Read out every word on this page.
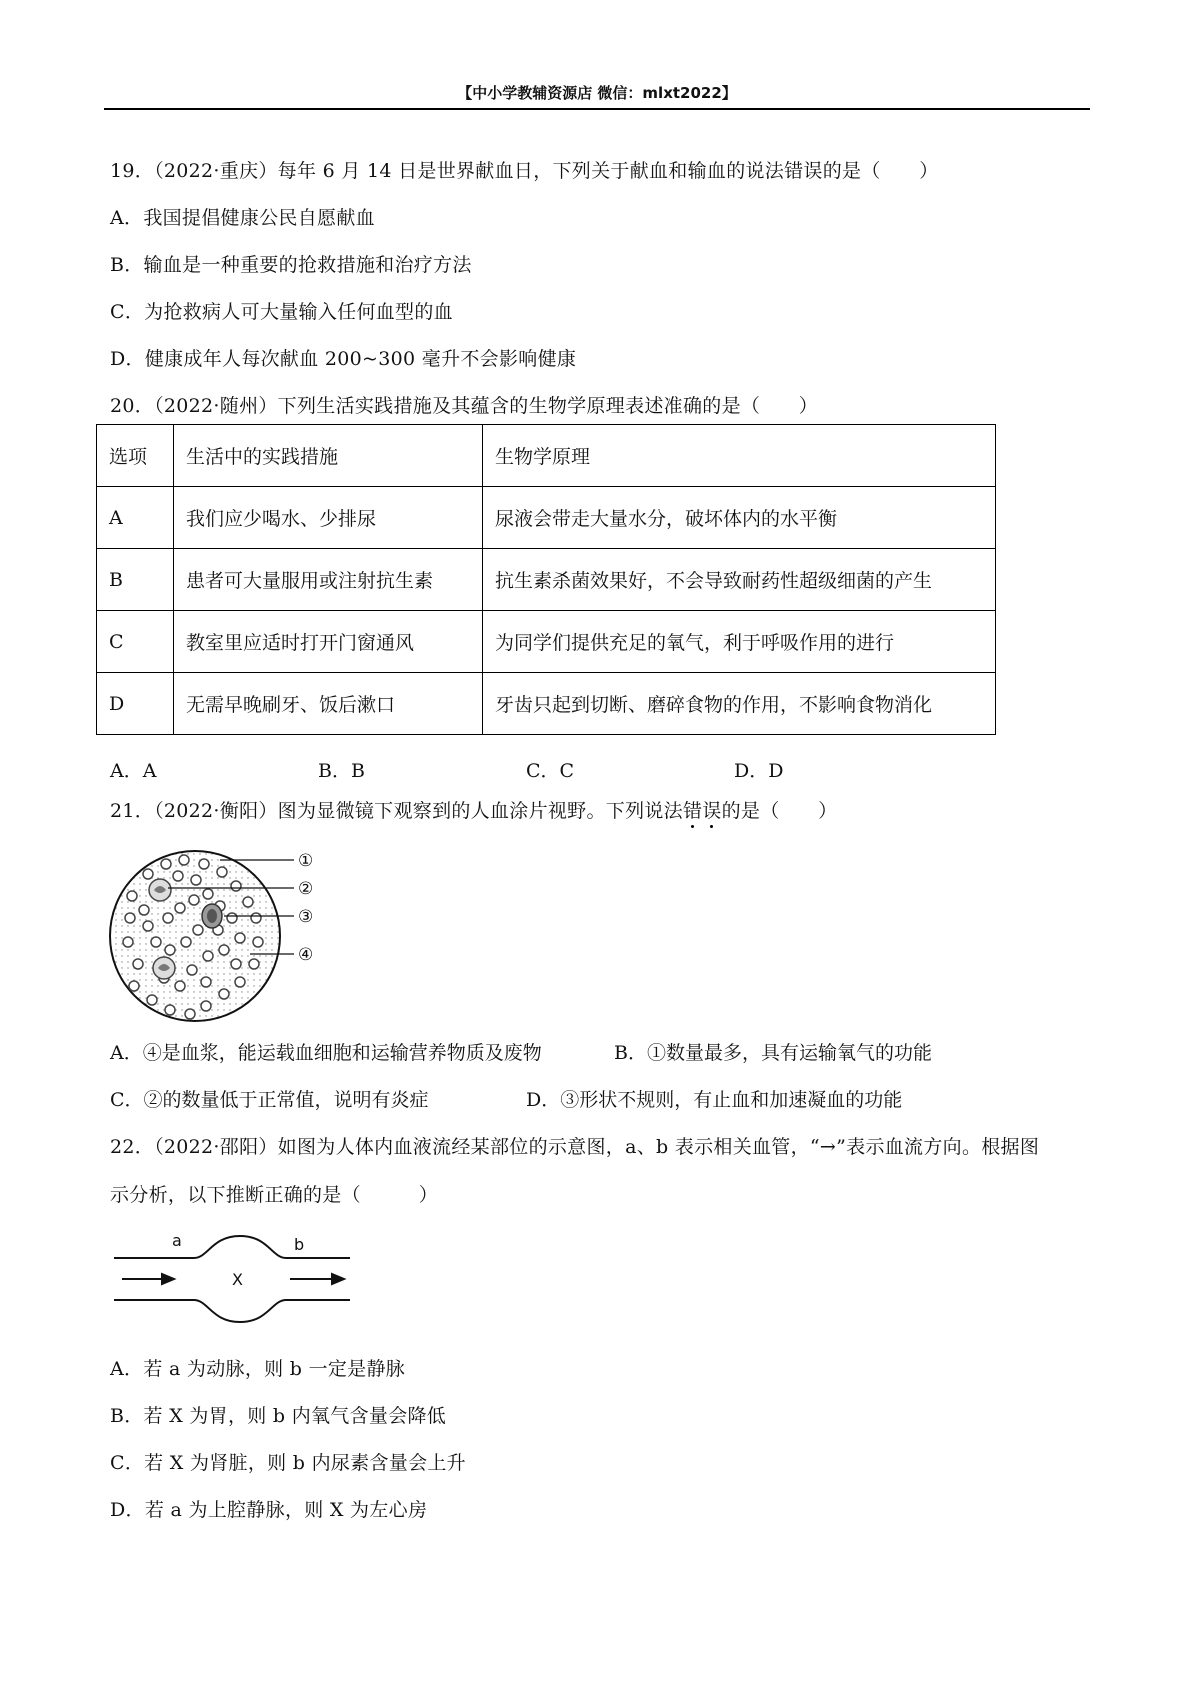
【中小学教辅资源店 微信：mlxt2022】
19．（2022·重庆）每年 6 月 14 日是世界献血日，下列关于献血和输血的说法错误的是（　　）
A．我国提倡健康公民自愿献血
B．输血是一种重要的抢救措施和治疗方法
C．为抢救病人可大量输入任何血型的血
D．健康成年人每次献血 200~300 毫升不会影响健康
20．（2022·随州）下列生活实践措施及其蕴含的生物学原理表述准确的是（　　）
选项	生活中的实践措施	生物学原理
A	我们应少喝水、少排尿	尿液会带走大量水分，破坏体内的水平衡
B	患者可大量服用或注射抗生素	抗生素杀菌效果好，不会导致耐药性超级细菌的产生
C	教室里应适时打开门窗通风	为同学们提供充足的氧气，利于呼吸作用的进行
D	无需早晚刷牙、饭后漱口	牙齿只起到切断、磨碎食物的作用，不影响食物消化
A．A	B．B	C．C	D．D
21．（2022·衡阳）图为显微镜下观察到的人血涂片视野。下列说法错误的是（　　）
①
②
③
④
A．④是血浆，能运载血细胞和运输营养物质及废物	B．①数量最多，具有运输氧气的功能
C．②的数量低于正常值，说明有炎症	D．③形状不规则，有止血和加速凝血的功能
22．（2022·邵阳）如图为人体内血液流经某部位的示意图，a、b 表示相关血管，“→”表示血流方向。根据图
示分析，以下推断正确的是（　　　）
a	b
X
A．若 a 为动脉，则 b 一定是静脉
B．若 X 为胃，则 b 内氧气含量会降低
C．若 X 为肾脏，则 b 内尿素含量会上升
D．若 a 为上腔静脉，则 X 为左心房
